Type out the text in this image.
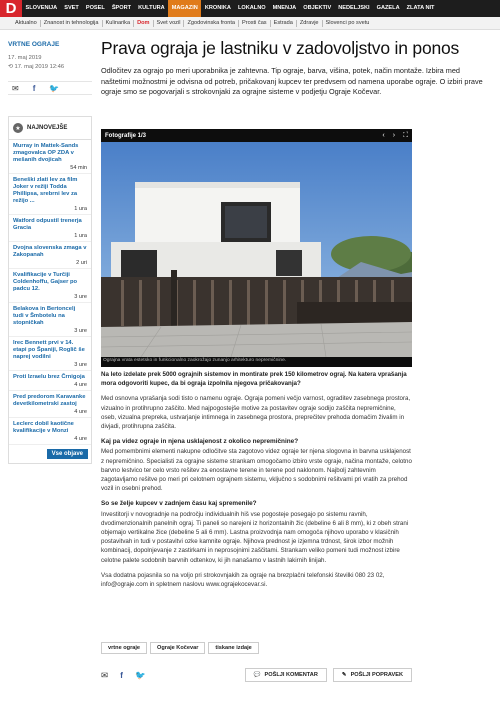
D	SLOVENIJA	SVET	POSEL	ŠPORT	KULTURA	MAGAZIN	KRONIKA	LOKALNO	MNENJA	OBJEKTIV	NEDELJSKI	GAZELA	ZLATA NIT
Aktualno	Znanost in tehnologija	Kulinarika	Dom	Svet vozil	Zgodovinska fronta	Prosti čas	Estrada	Zdravje	Slovenci po svetu
VRTNE OGRAJE
17. maj 2019
⟲ 17. maj 2019 12:46
✉ f 🐦
★	NAJNOVEJŠE
Murray in Mattek-Sands zmagovalca OP ZDA v mešanih dvojicah
54 min
Beneški zlati lev za film Joker v režiji Todda Phillipsa, srebrni lev za režijo ...
1 ura
Watford odpustil trenerja Gracia
1 ura
Dvojna slovenska zmaga v Zakopanah
2 uri
Kvalifikacije v Turčiji Coldenhoffu, Gajser po padcu 12.
3 ure
Belakova in Bertoncelj tudi v Šmbotelu na stopničkah
3 ure
Irec Bennett prvi v 14. etapi po Španiji, Roglič še naprej vodilni
3 ure
Proti Izraelu brez Črnigoja
4 ure
Pred predorom Karavanke devetkilometrski zastoj
4 ure
Leclerc dobil kaotične kvalifikacije v Monzi
4 ure
Vse objave
Prava ograja je lastniku v zadovoljstvo in ponos

Odločitev za ograjo po meri uporabnika je zahtevna. Tip ograje, barva, višina, potek, način montaže. Izbira med naštetimi možnostmi je odvisna od potreb, pričakovanj kupcev ter predvsem od namena uporabe ograje. O izbiri prave ograje smo se pogovarjali s strokovnjaki za ograjne sisteme v podjetju Ograje Kočevar.

Fotografije 1/3	‹ › ⛶
Ograjna vrata estetsko in funkcionalno zaokrožajo zunanjo arhitekturo nepremičnine.

Na leto izdelate prek 5000 ograjnih sistemov in montirate prek 150 kilometrov ograj. Na katera vprašanja mora odgovoriti kupec, da bi ograja izpolnila njegova pričakovanja?

Med osnovna vprašanja sodi tisto o namenu ograje. Ograja pomeni večjo varnost, ograditev zasebnega prostora, vizualno in protihrupno zaščito. Med najpogostejše motive za postavitev ograje sodijo zaščita nepremičnine, oseb, vizualna prepreka, ustvarjanje intimnega in zasebnega prostora, preprečitev prehoda domačim živalim in divjadi, protihrupna zaščita.

Kaj pa videz ograje in njena usklajenost z okolico nepremičnine?

Med pomembnimi elementi nakupne odločitve sta zagotovo videz ograje ter njena slogovna in barvna usklajenost z nepremičnino. Specialisti za ograjne sisteme strankam omogočamo izbiro vrste ograje, načina montaže, celotno barvno lestvico ter celo vrsto rešitev za enostavne terene in terene pod naklonom. Najbolj zahtevnim zagotavljamo rešitve po meri pri celotnem ograjnem sistemu, vključno s sodobnimi rešitvami pri vratih za prehod vozil in osebni prehod.

So se želje kupcev v zadnjem času kaj spremenile?

Investitorji v novogradnje na področju individualnih hiš vse pogosteje posegajo po sistemu ravnih, dvodimenzionalnih panelnih ograj. Ti paneli so narejeni iz horizontalnih žic (debeline 6 ali 8 mm), ki z obeh strani objemajo vertikalne žice (debeline 5 ali 6 mm). Lastna proizvodnja nam omogoča njihovo uporabo v klasičnih postavitvah in tudi v postavitvi ozke kamnite ograje. Njihova prednost je izjemna trdnost, širok izbor možnih kombinacij, dopolnjevanje z zastirkami in neprosojnimi zaščitami. Strankam veliko pomeni tudi možnost izbire celotne palete sodobnih barvnih odtenkov, ki jih nanašamo v lastnih lakirnih linijah.

Vsa dodatna pojasnila so na voljo pri strokovnjakih za ograje na brezplačni telefonski številki 080 23 02, info@ograje.com in spletnem naslovu www.ograjekocevar.si.

vrtne ograje	Ograje Kočevar	tiskane izdaje
✉ f 🐦	💬 POŠLJI KOMENTAR	✎ POŠLJI POPRAVEK
